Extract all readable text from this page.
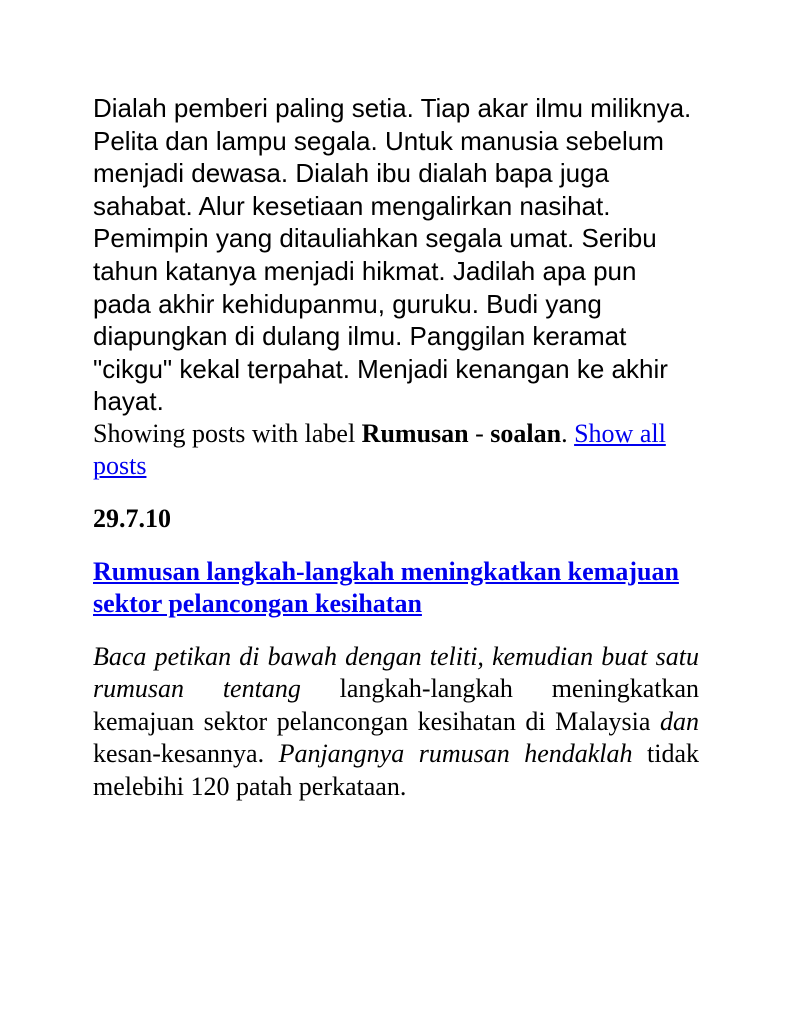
Dialah pemberi paling setia. Tiap akar ilmu miliknya. Pelita dan lampu segala. Untuk manusia sebelum menjadi dewasa. Dialah ibu dialah bapa juga sahabat. Alur kesetiaan mengalirkan nasihat. Pemimpin yang ditauliahkan segala umat. Seribu tahun katanya menjadi hikmat. Jadilah apa pun pada akhir kehidupanmu, guruku. Budi yang diapungkan di dulang ilmu. Panggilan keramat "cikgu" kekal terpahat. Menjadi kenangan ke akhir hayat.

Showing posts with label Rumusan - soalan. Show all posts

29.7.10
Rumusan langkah-langkah meningkatkan kemajuan sektor pelancongan kesihatan
Baca petikan di bawah dengan teliti, kemudian buat satu rumusan tentang langkah-langkah meningkatkan kemajuan sektor pelancongan kesihatan di Malaysia dan kesan-kesannya. Panjangnya rumusan hendaklah tidak melebihi 120 patah perkataan.
